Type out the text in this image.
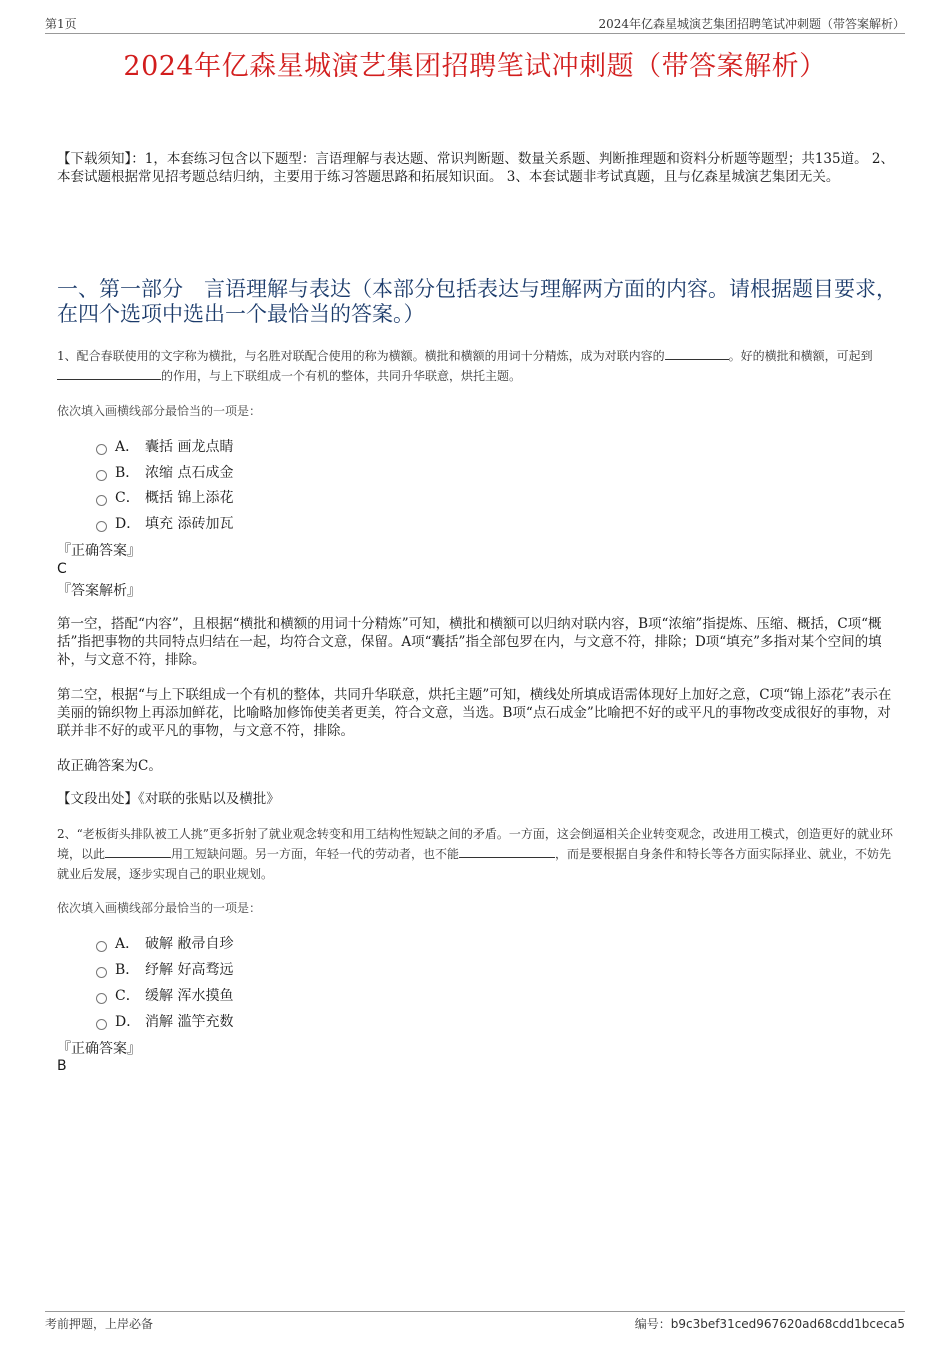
第1页	2024年亿森星城演艺集团招聘笔试冲刺题（带答案解析）
2024年亿森星城演艺集团招聘笔试冲刺题（带答案解析）
【下载须知】：1，本套练习包含以下题型：言语理解与表达题、常识判断题、数量关系题、判断推理题和资料分析题等题型；共135道。 2、本套试题根据常见招考题总结归纳，主要用于练习答题思路和拓展知识面。 3、本套试题非考试真题，且与亿森星城演艺集团无关。
一、第一部分　言语理解与表达（本部分包括表达与理解两方面的内容。请根据题目要求，在四个选项中选出一个最恰当的答案。）
1、配合春联使用的文字称为横批，与名胜对联配合使用的称为横额。横批和横额的用词十分精炼，成为对联内容的	。好的横批和横额，可起到的作用，与上下联组成一个有机的整体，共同升华联意，烘托主题。
依次填入画横线部分最恰当的一项是：
A． 囊括 画龙点睛
B． 浓缩 点石成金
C． 概括 锦上添花
D． 填充 添砖加瓦
『正确答案』
C
『答案解析』
第一空，搭配“内容”，且根据“横批和横额的用词十分精炼”可知，横批和横额可以归纳对联内容，B项“浓缩”指提炼、压缩、概括，C项“概括”指把事物的共同特点归结在一起，均符合文意，保留。A项“囊括”指全部包罗在内，与文意不符，排除；D项“填充”多指对某个空间的填补，与文意不符，排除。
第二空，根据“与上下联组成一个有机的整体，共同升华联意，烘托主题”可知，横线处所填成语需体现好上加好之意，C项“锦上添花”表示在美丽的锦织物上再添加鲜花，比喻略加修饰使美者更美，符合文意，当选。B项“点石成金”比喻把不好的或平凡的事物改变成很好的事物，对联并非不好的或平凡的事物，与文意不符，排除。
故正确答案为C。
【文段出处】《对联的张贴以及横批》
2、“老板街头排队被工人挑”更多折射了就业观念转变和用工结构性短缺之间的矛盾。一方面，这会倒逼相关企业转变观念，改进用工模式，创造更好的就业环境，以此	用工短缺问题。另一方面，年轻一代的劳动者，也不能	，而是要根据自身条件和特长等各方面实际择业、就业，不妨先就业后发展，逐步实现自己的职业规划。
依次填入画横线部分最恰当的一项是：
A． 破解 敝帚自珍
B． 纾解 好高骛远
C． 缓解 浑水摸鱼
D． 消解 滥竽充数
『正确答案』
B
考前押题，上岸必备	编号：b9c3bef31ced967620ad68cdd1bceca5
